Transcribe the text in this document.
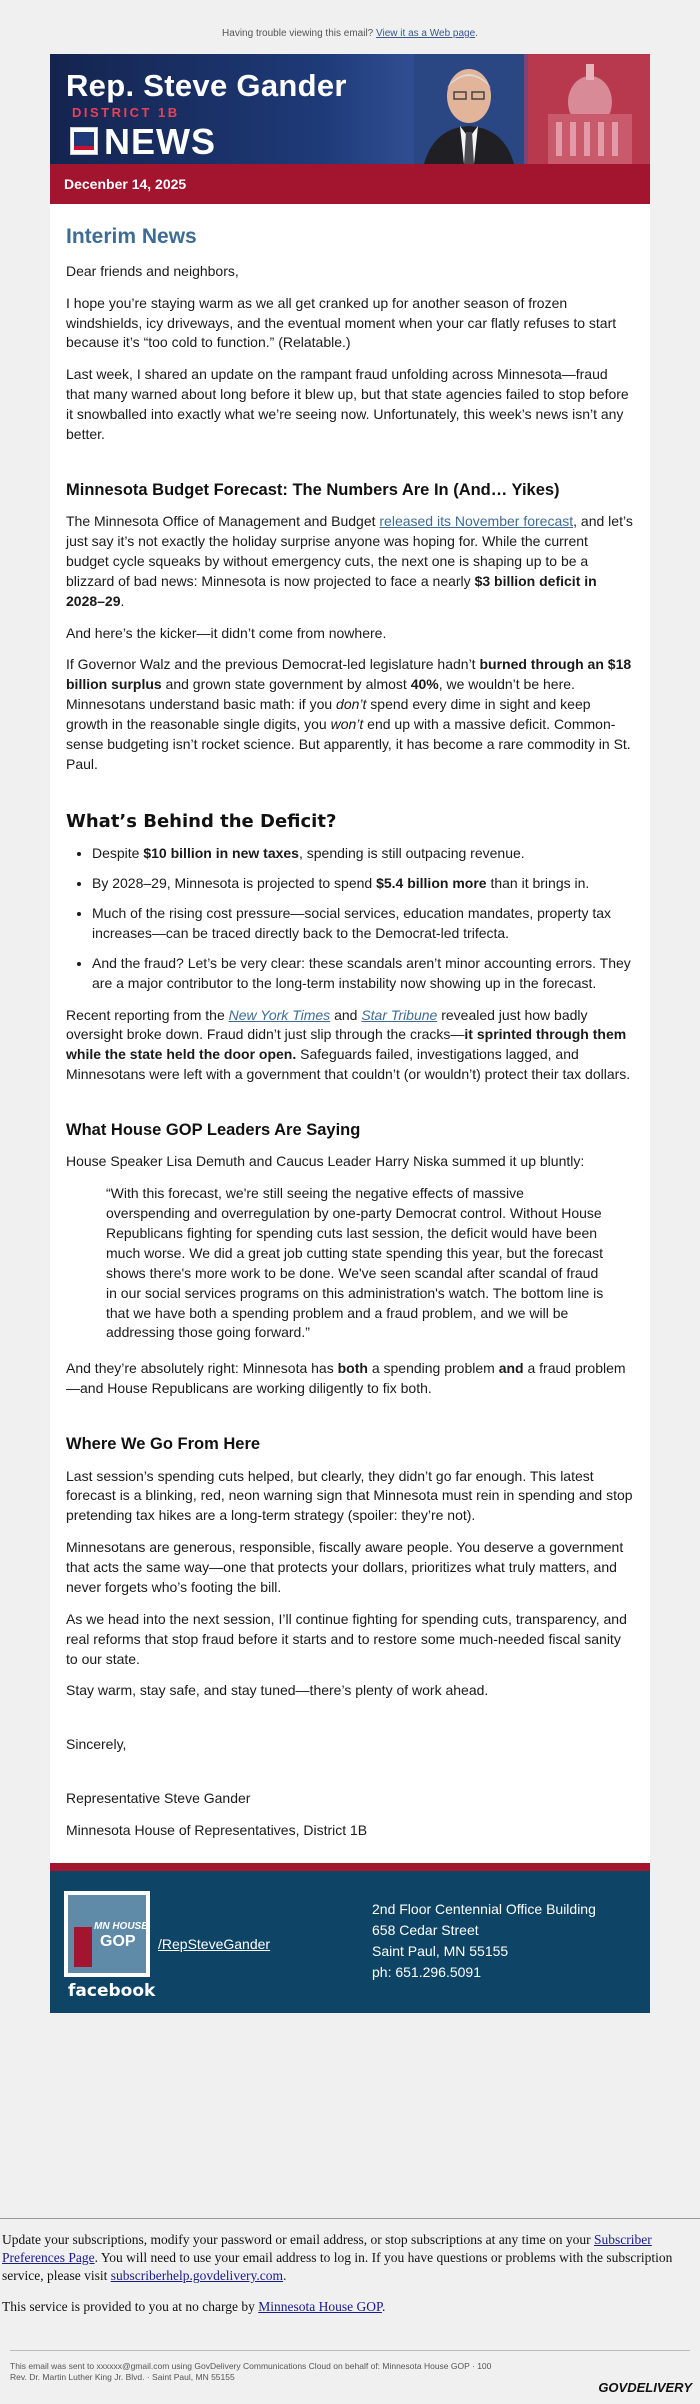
Having trouble viewing this email? View it as a Web page.
Rep. Steve Gander
DISTRICT 1B
NEWS
Decenber 14, 2025
Interim News

Dear friends and neighbors,

I hope you’re staying warm as we all get cranked up for another season of frozen windshields, icy driveways, and the eventual moment when your car flatly refuses to start because it’s “too cold to function.” (Relatable.)

Last week, I shared an update on the rampant fraud unfolding across Minnesota—fraud that many warned about long before it blew up, but that state agencies failed to stop before it snowballed into exactly what we’re seeing now. Unfortunately, this week’s news isn’t any better.

Minnesota Budget Forecast: The Numbers Are In (And… Yikes)

The Minnesota Office of Management and Budget released its November forecast, and let’s just say it’s not exactly the holiday surprise anyone was hoping for. While the current budget cycle squeaks by without emergency cuts, the next one is shaping up to be a blizzard of bad news: Minnesota is now projected to face a nearly $3 billion deficit in 2028–29.

And here’s the kicker—it didn’t come from nowhere.

If Governor Walz and the previous Democrat-led legislature hadn’t burned through an $18 billion surplus and grown state government by almost 40%, we wouldn’t be here. Minnesotans understand basic math: if you don’t spend every dime in sight and keep growth in the reasonable single digits, you won’t end up with a massive deficit. Common-sense budgeting isn’t rocket science. But apparently, it has become a rare commodity in St. Paul.

What’s Behind the Deficit?
• Despite $10 billion in new taxes, spending is still outpacing revenue.
• By 2028–29, Minnesota is projected to spend $5.4 billion more than it brings in.
• Much of the rising cost pressure—social services, education mandates, property tax increases—can be traced directly back to the Democrat-led trifecta.
• And the fraud? Let’s be very clear: these scandals aren’t minor accounting errors. They are a major contributor to the long-term instability now showing up in the forecast.

Recent reporting from the New York Times and Star Tribune revealed just how badly oversight broke down. Fraud didn’t just slip through the cracks—it sprinted through them while the state held the door open. Safeguards failed, investigations lagged, and Minnesotans were left with a government that couldn’t (or wouldn’t) protect their tax dollars.

What House GOP Leaders Are Saying

House Speaker Lisa Demuth and Caucus Leader Harry Niska summed it up bluntly:

“With this forecast, we're still seeing the negative effects of massive overspending and overregulation by one-party Democrat control. Without House Republicans fighting for spending cuts last session, the deficit would have been much worse. We did a great job cutting state spending this year, but the forecast shows there's more work to be done. We've seen scandal after scandal of fraud in our social services programs on this administration's watch. The bottom line is that we have both a spending problem and a fraud problem, and we will be addressing those going forward.”

And they’re absolutely right: Minnesota has both a spending problem and a fraud problem—and House Republicans are working diligently to fix both.

Where We Go From Here

Last session’s spending cuts helped, but clearly, they didn’t go far enough. This latest forecast is a blinking, red, neon warning sign that Minnesota must rein in spending and stop pretending tax hikes are a long-term strategy (spoiler: they’re not).

Minnesotans are generous, responsible, fiscally aware people. You deserve a government that acts the same way—one that protects your dollars, prioritizes what truly matters, and never forgets who’s footing the bill.

As we head into the next session, I’ll continue fighting for spending cuts, transparency, and real reforms that stop fraud before it starts and to restore some much-needed fiscal sanity to our state.

Stay warm, stay safe, and stay tuned—there’s plenty of work ahead.

Sincerely,

Representative Steve Gander

Minnesota House of Representatives, District 1B

MN HOUSE
GOP
facebook
/RepSteveGander
2nd Floor Centennial Office Building
658 Cedar Street
Saint Paul, MN 55155
ph: 651.296.5091

Update your subscriptions, modify your password or email address, or stop subscriptions at any time on your Subscriber Preferences Page. You will need to use your email address to log in. If you have questions or problems with the subscription service, please visit subscriberhelp.govdelivery.com.

This service is provided to you at no charge by Minnesota House GOP.

This email was sent to xxxxxx@gmail.com using GovDelivery Communications Cloud on behalf of: Minnesota House GOP · 100
Rev. Dr. Martin Luther King Jr. Blvd. · Saint Paul, MN 55155
GOVDELIVERY
